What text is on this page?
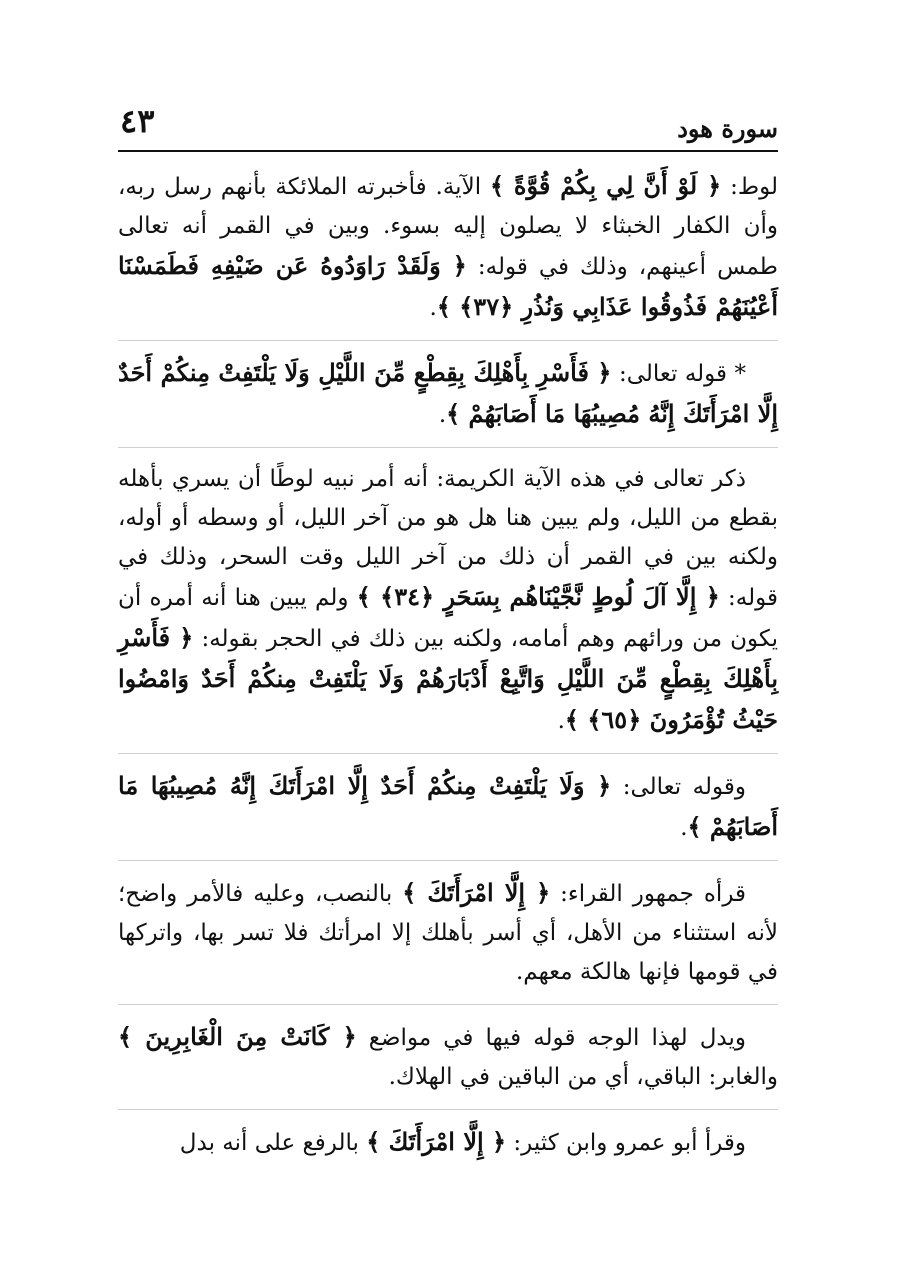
سورة هود
٤٣

لوط: ﴿ لَوْ أَنَّ لِي بِكُمْ قُوَّةً ﴾ الآية. فأخبرته الملائكة بأنهم رسل ربه، وأن الكفار الخبثاء لا يصلون إليه بسوء. وبين في القمر أنه تعالى طمس أعينهم، وذلك في قوله: ﴿ وَلَقَدْ رَاوَدُوهُ عَن ضَيْفِهِ فَطَمَسْنَا أَعْيُنَهُمْ فَذُوقُوا عَذَابِي وَنُذُرِ ﴿٣٧﴾ ﴾.

* قوله تعالى: ﴿ فَأَسْرِ بِأَهْلِكَ بِقِطْعٍ مِّنَ اللَّيْلِ وَلَا يَلْتَفِتْ مِنكُمْ أَحَدٌ إِلَّا امْرَأَتَكَ إِنَّهُ مُصِيبُهَا مَا أَصَابَهُمْ ﴾.

ذكر تعالى في هذه الآية الكريمة: أنه أمر نبيه لوطًا أن يسري بأهله بقطع من الليل، ولم يبين هنا هل هو من آخر الليل، أو وسطه أو أوله، ولكنه بين في القمر أن ذلك من آخر الليل وقت السحر، وذلك في قوله: ﴿ إِلَّا آلَ لُوطٍ نَّجَّيْنَاهُم بِسَحَرٍ ﴿٣٤﴾ ﴾ ولم يبين هنا أنه أمره أن يكون من ورائهم وهم أمامه، ولكنه بين ذلك في الحجر بقوله: ﴿ فَأَسْرِ بِأَهْلِكَ بِقِطْعٍ مِّنَ اللَّيْلِ وَاتَّبِعْ أَدْبَارَهُمْ وَلَا يَلْتَفِتْ مِنكُمْ أَحَدٌ وَامْضُوا حَيْثُ تُؤْمَرُونَ ﴿٦٥﴾ ﴾.

وقوله تعالى: ﴿ وَلَا يَلْتَفِتْ مِنكُمْ أَحَدٌ إِلَّا امْرَأَتَكَ إِنَّهُ مُصِيبُهَا مَا أَصَابَهُمْ ﴾.

قرأه جمهور القراء: ﴿ إِلَّا امْرَأَتَكَ ﴾ بالنصب، وعليه فالأمر واضح؛ لأنه استثناء من الأهل، أي أسر بأهلك إلا امرأتك فلا تسر بها، واتركها في قومها فإنها هالكة معهم.

ويدل لهذا الوجه قوله فيها في مواضع ﴿ كَانَتْ مِنَ الْغَابِرِينَ ﴾ والغابر: الباقي، أي من الباقين في الهلاك.

وقرأ أبو عمرو وابن كثير: ﴿ إِلَّا امْرَأَتَكَ ﴾ بالرفع على أنه بدل
